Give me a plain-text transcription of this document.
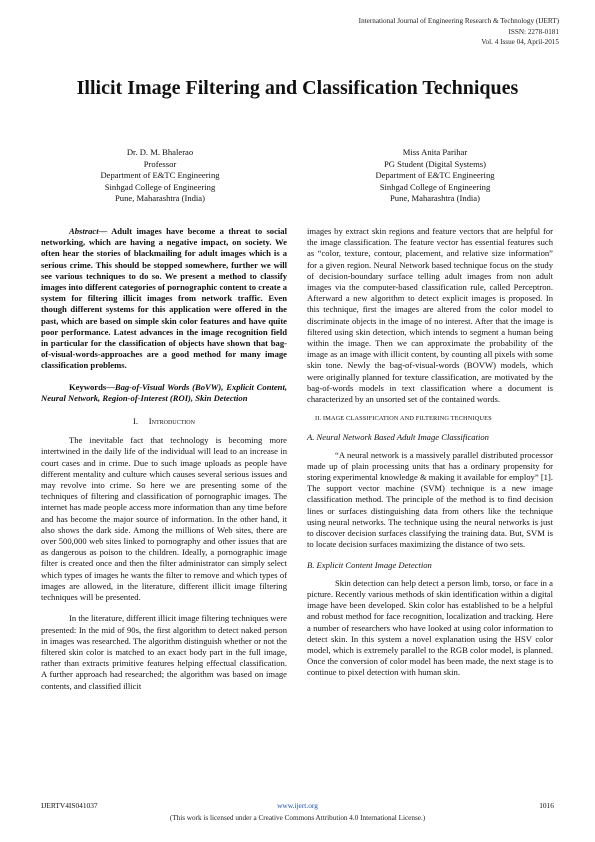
International Journal of Engineering Research & Technology (IJERT)
ISSN: 2278-0181
Vol. 4 Issue 04, April-2015
Illicit Image Filtering and Classification Techniques
Dr. D. M. Bhalerao
Professor
Department of E&TC Engineering
Sinhgad College of Engineering
Pune, Maharashtra (India)
Miss Anita Parihar
PG Student (Digital Systems)
Department of E&TC Engineering
Sinhgad College of Engineering
Pune, Maharashtra (India)

Abstract— Adult images have become a threat to social networking, which are having a negative impact, on society. We often hear the stories of blackmailing for adult images which is a serious crime. This should be stopped somewhere, further we will see various techniques to do so. We present a method to classify images into different categories of pornographic content to create a system for filtering illicit images from network traffic. Even though different systems for this application were offered in the past, which are based on simple skin color features and have quite poor performance. Latest advances in the image recognition field in particular for the classification of objects have shown that bag-of-visual-words-approaches are a good method for many image classification problems.

Keywords—Bag-of-Visual Words (BoVW), Explicit Content, Neural Network, Region-of-Interest (ROI), Skin Detection

I. Introduction

The inevitable fact that technology is becoming more intertwined in the daily life of the individual will lead to an increase in court cases and in crime. Due to such image uploads as people have different mentality and culture which causes several serious issues and may revolve into crime. So here we are presenting some of the techniques of filtering and classification of pornographic images. The internet has made people access more information than any time before and has become the major source of information. In the other hand, it also shows the dark side. Among the millions of Web sites, there are over 500,000 web sites linked to pornography and other issues that are as dangerous as poison to the children. Ideally, a pornographic image filter is created once and then the filter administrator can simply select which types of images he wants the filter to remove and which types of images are allowed, in the literature, different illicit image filtering techniques will be presented.

In the literature, different illicit image filtering techniques were presented: In the mid of 90s, the first algorithm to detect naked person in images was researched. The algorithm distinguish whether or not the filtered skin color is matched to an exact body part in the full image, rather than extracts primitive features helping effectual classification. A further approach had researched; the algorithm was based on image contents, and classified illicit

images by extract skin regions and feature vectors that are helpful for the image classification. The feature vector has essential features such as “color, texture, contour, placement, and relative size information” for a given region. Neural Network based technique focus on the study of decision-boundary surface telling adult images from non adult images via the computer-based classification rule, called Perceptron. Afterward a new algorithm to detect explicit images is proposed. In this technique, first the images are altered from the color model to discriminate objects in the image of no interest. After that the image is filtered using skin detection, which intends to segment a human being within the image. Then we can approximate the probability of the image as an image with illicit content, by counting all pixels with some skin tone. Newly the bag-of-visual-words (BOVW) models, which were originally planned for texture classification, are motivated by the bag-of-words models in text classification where a document is characterized by an unsorted set of the contained words.

II. IMAGE CLASSIFICATION AND FILTERING TECHNIQUES

A. Neural Network Based Adult Image Classification

“A neural network is a massively parallel distributed processor made up of plain processing units that has a ordinary propensity for storing experimental knowledge & making it available for employ” [1]. The support vector machine (SVM) technique is a new image classification method. The principle of the method is to find decision lines or surfaces distinguishing data from others like the technique using neural networks. The technique using the neural networks is just to discover decision surfaces classifying the training data. But, SVM is to locate decision surfaces maximizing the distance of two sets.

B. Explicit Content Image Detection

Skin detection can help detect a person limb, torso, or face in a picture. Recently various methods of skin identification within a digital image have been developed. Skin color has established to be a helpful and robust method for face recognition, localization and tracking. Here a number of researchers who have looked at using color information to detect skin. In this system a novel explanation using the HSV color model, which is extremely parallel to the RGB color model, is planned. Once the conversion of color model has been made, the next stage is to continue to pixel detection with human skin.

IJERTV4IS041037	www.ijert.org	1016
(This work is licensed under a Creative Commons Attribution 4.0 International License.)
